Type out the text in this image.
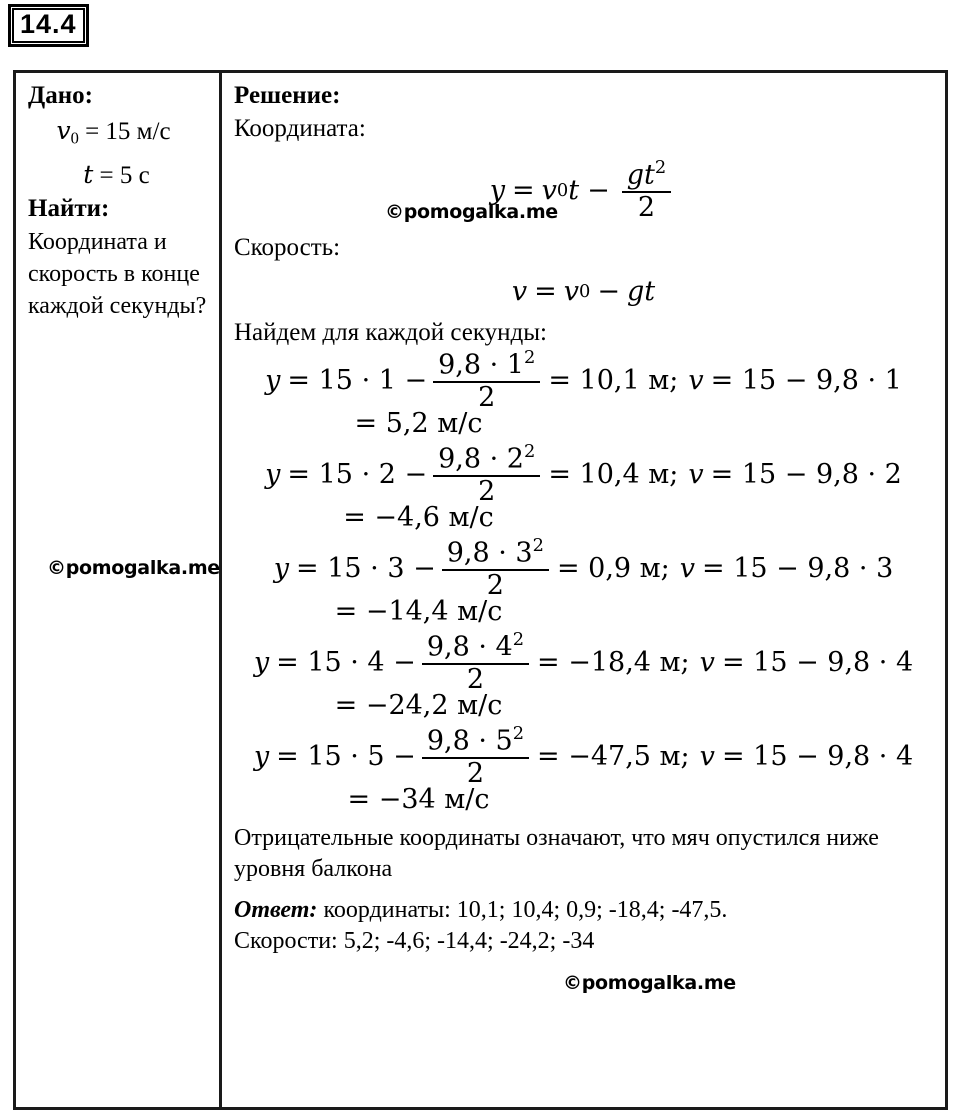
14.4

Дано:

$v_0 = 15$ м/с

t = 5 с

Найти:

Координата и скорость в конце каждой секунды?

©pomogalka.me

Решение:

Координата:

©pomogalka.me
y = v 0 $t - \frac{gt^2}{2}$

Скорость:

v = v 0 − gt

Найдем для каждой секунды:

$y = 15 \cdot 1 - \frac{9,8 \cdot 1^2}{2} = 10,1$ м; v = 15 − 9,8 · 1
= 5,2 м/с
$y = 15 \cdot 2 - \frac{9,8 \cdot 2^2}{2} = 10,4$ м; v = 15 − 9,8 · 2
= −4,6 м/с
$y = 15 \cdot 3 - \frac{9,8 \cdot 3^2}{2} = 0,9$ м; v = 15 − 9,8 · 3
= −14,4 м/с
$y = 15 \cdot 4 - \frac{9,8 \cdot 4^2}{2} = -18,4$ м; v = 15 − 9,8 · 4
= −24,2 м/с
$y = 15 \cdot 5 - \frac{9,8 \cdot 5^2}{2} = -47,5$ м; v = 15 − 9,8 · 4
= −34 м/с
©pomogalka.me

Отрицательные координаты означают, что мяч опустился ниже уровня балкона

Ответ: координаты: 10,1; 10,4; 0,9; -18,4; -47,5.

Скорости: 5,2; -4,6; -14,4; -24,2; -34
